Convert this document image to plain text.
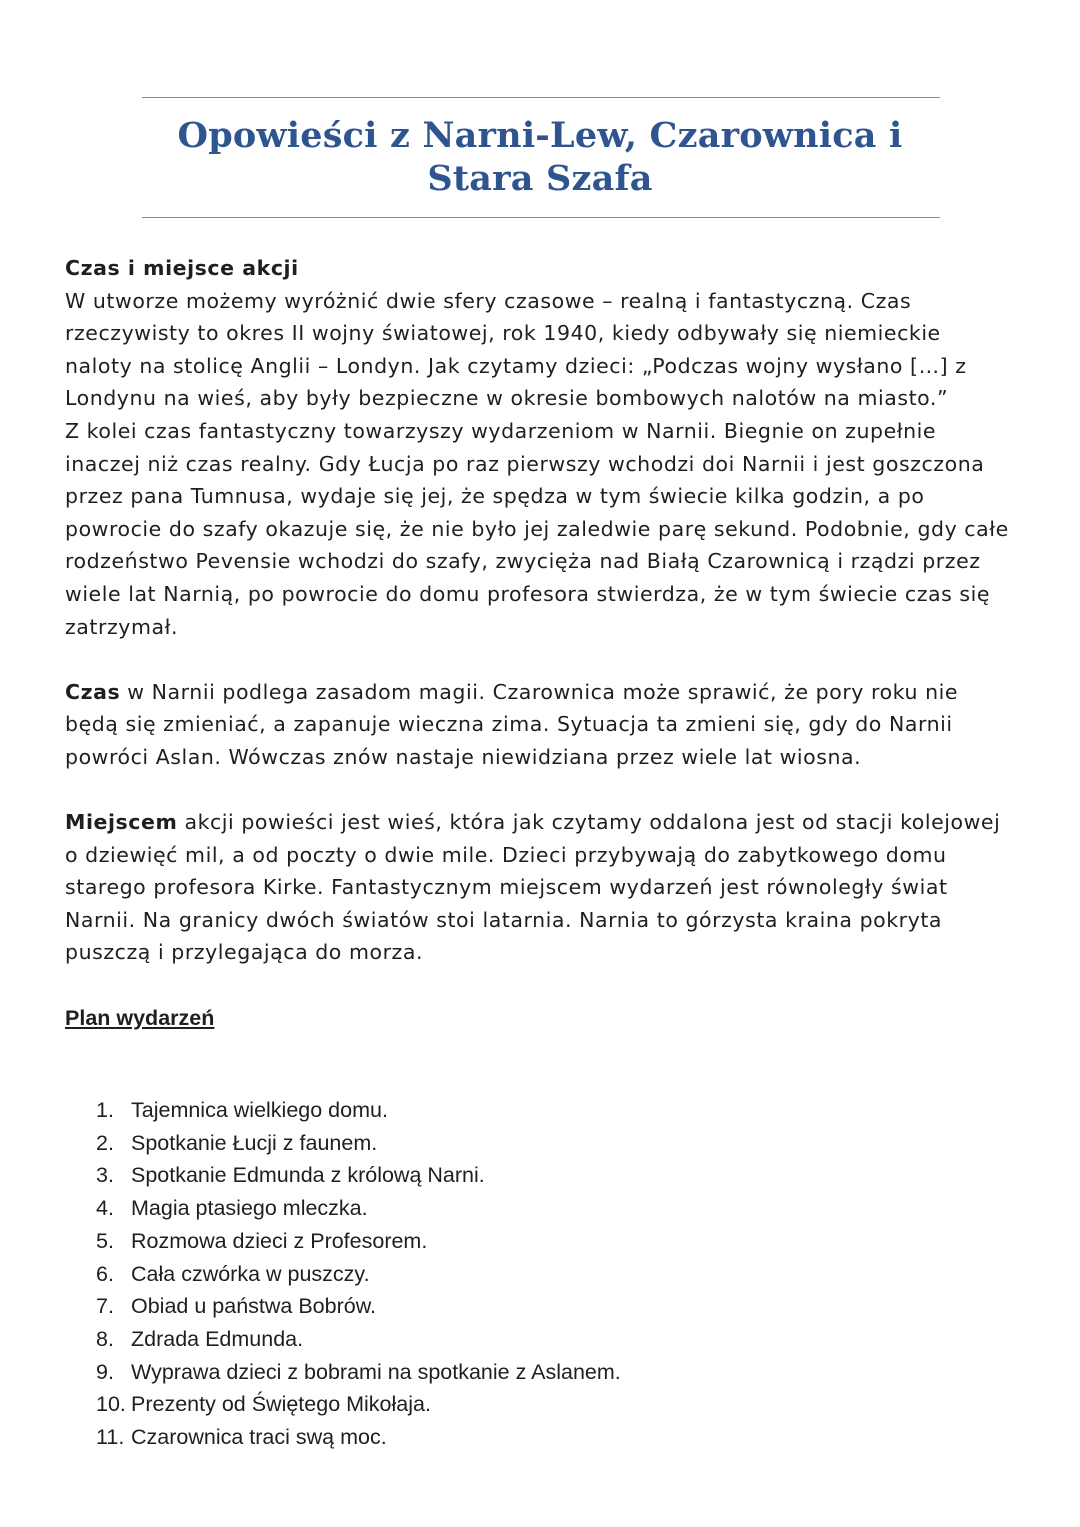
Opowieści z Narni-Lew, Czarownica i
Stara Szafa

Czas i miejsce akcji

W utworze możemy wyróżnić dwie sfery czasowe – realną i fantastyczną. Czas rzeczywisty to okres II wojny światowej, rok 1940, kiedy odbywały się niemieckie naloty na stolicę Anglii – Londyn. Jak czytamy dzieci: „Podczas wojny wysłano […] z Londynu na wieś, aby były bezpieczne w okresie bombowych nalotów na miasto.”

Z kolei czas fantastyczny towarzyszy wydarzeniom w Narnii. Biegnie on zupełnie inaczej niż czas realny. Gdy Łucja po raz pierwszy wchodzi doi Narnii i jest goszczona przez pana Tumnusa, wydaje się jej, że spędza w tym świecie kilka godzin, a po powrocie do szafy okazuje się, że nie było jej zaledwie parę sekund. Podobnie, gdy całe rodzeństwo Pevensie wchodzi do szafy, zwycięża nad Białą Czarownicą i rządzi przez wiele lat Narnią, po powrocie do domu profesora stwierdza, że w tym świecie czas się zatrzymał.

Czas w Narnii podlega zasadom magii. Czarownica może sprawić, że pory roku nie będą się zmieniać, a zapanuje wieczna zima. Sytuacja ta zmieni się, gdy do Narnii powróci Aslan. Wówczas znów nastaje niewidziana przez wiele lat wiosna.

Miejscem akcji powieści jest wieś, która jak czytamy oddalona jest od stacji kolejowej o dziewięć mil, a od poczty o dwie mile. Dzieci przybywają do zabytkowego domu starego profesora Kirke. Fantastycznym miejscem wydarzeń jest równoległy świat Narnii. Na granicy dwóch światów stoi latarnia. Narnia to górzysta kraina pokryta puszczą i przylegająca do morza.

Plan wydarzeń

1. Tajemnica wielkiego domu.
2. Spotkanie Łucji z faunem.
3. Spotkanie Edmunda z królową Narni.
4. Magia ptasiego mleczka.
5. Rozmowa dzieci z Profesorem.
6. Cała czwórka w puszczy.
7. Obiad u państwa Bobrów.
8. Zdrada Edmunda.
9. Wyprawa dzieci z bobrami na spotkanie z Aslanem.
10. Prezenty od Świętego Mikołaja.
11. Czarownica traci swą moc.
